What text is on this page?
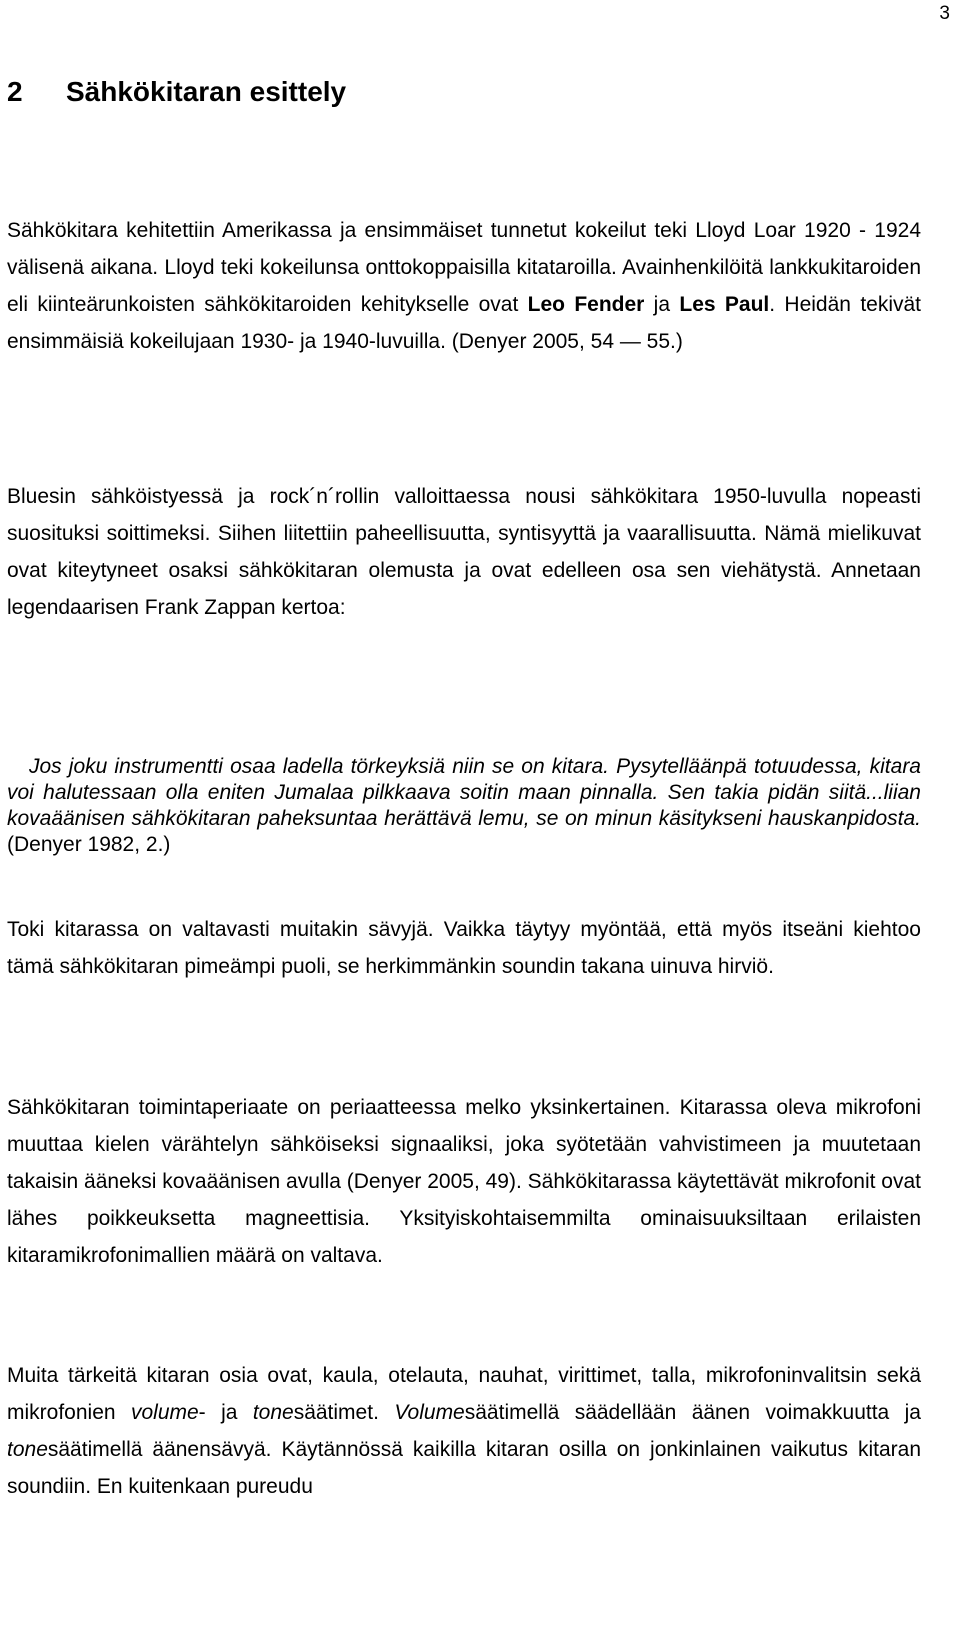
3
2 Sähkökitaran esittely

Sähkökitara kehitettiin Amerikassa ja ensimmäiset tunnetut kokeilut teki Lloyd Loar 1920 - 1924 välisenä aikana. Lloyd teki kokeilunsa onttokoppaisilla kitataroilla. Avainhenkilöitä lankkukitaroiden eli kiinteärunkoisten sähkökitaroiden kehitykselle ovat Leo Fender ja Les Paul. Heidän tekivät ensimmäisiä kokeilujaan 1930- ja 1940-luvuilla. (Denyer 2005, 54 — 55.)

Bluesin sähköistyessä ja rock´n´rollin valloittaessa nousi sähkökitara 1950-luvulla nopeasti suosituksi soittimeksi. Siihen liitettiin paheellisuutta, syntisyyttä ja vaarallisuutta. Nämä mielikuvat ovat kiteytyneet osaksi sähkökitaran olemusta ja ovat edelleen osa sen viehätystä. Annetaan legendaarisen Frank Zappan kertoa:

Jos joku instrumentti osaa ladella törkeyksiä niin se on kitara. Pysytelläänpä totuudessa, kitara voi halutessaan olla eniten Jumalaa pilkkaava soitin maan pinnalla. Sen takia pidän siitä...liian kovaäänisen sähkökitaran paheksuntaa herättävä lemu, se on minun käsitykseni hauskanpidosta. (Denyer 1982, 2.)

Toki kitarassa on valtavasti muitakin sävyjä. Vaikka täytyy myöntää, että myös itseäni kiehtoo tämä sähkökitaran pimeämpi puoli, se herkimmänkin soundin takana uinuva hirviö.

Sähkökitaran toimintaperiaate on periaatteessa melko yksinkertainen. Kitarassa oleva mikrofoni muuttaa kielen värähtelyn sähköiseksi signaaliksi, joka syötetään vahvistimeen ja muutetaan takaisin ääneksi kovaäänisen avulla (Denyer 2005, 49). Sähkökitarassa käytettävät mikrofonit ovat lähes poikkeuksetta magneettisia. Yksityiskohtaisemmilta ominaisuuksiltaan erilaisten kitaramikrofonimallien määrä on valtava.

Muita tärkeitä kitaran osia ovat, kaula, otelauta, nauhat, virittimet, talla, mikrofoninvalitsin sekä mikrofonien volume- ja tonesäätimet. Volumesäätimellä säädellään äänen voimakkuutta ja tonesäätimellä äänensävyä. Käytännössä kaikilla kitaran osilla on jonkinlainen vaikutus kitaran soundiin. En kuitenkaan pureudu
